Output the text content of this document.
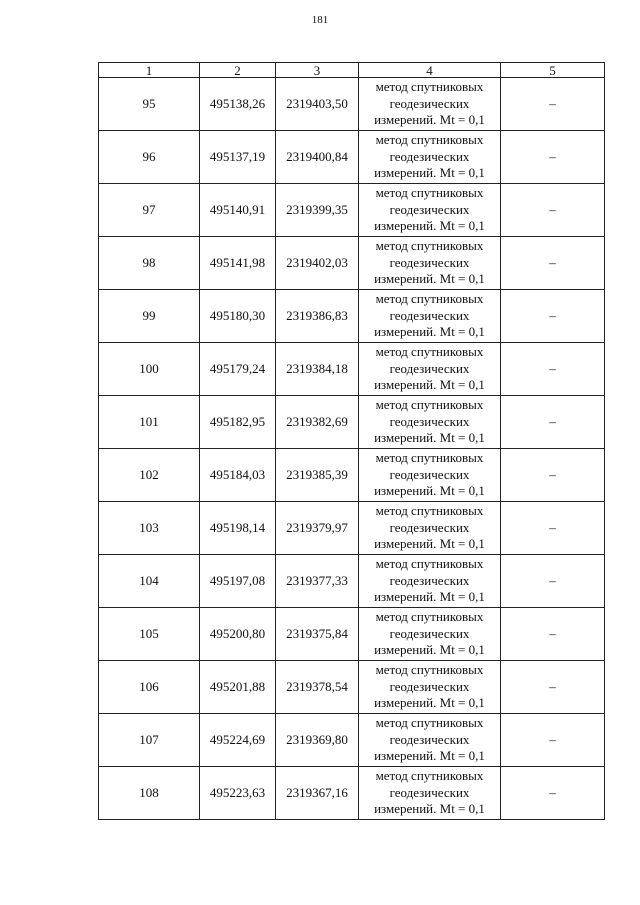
181
1	2	3	4	5
95	495138,26	2319403,50	метод спутниковых геодезических измерений. Mt = 0,1	–
96	495137,19	2319400,84	метод спутниковых геодезических измерений. Mt = 0,1	–
97	495140,91	2319399,35	метод спутниковых геодезических измерений. Mt = 0,1	–
98	495141,98	2319402,03	метод спутниковых геодезических измерений. Mt = 0,1	–
99	495180,30	2319386,83	метод спутниковых геодезических измерений. Mt = 0,1	–
100	495179,24	2319384,18	метод спутниковых геодезических измерений. Mt = 0,1	–
101	495182,95	2319382,69	метод спутниковых геодезических измерений. Mt = 0,1	–
102	495184,03	2319385,39	метод спутниковых геодезических измерений. Mt = 0,1	–
103	495198,14	2319379,97	метод спутниковых геодезических измерений. Mt = 0,1	–
104	495197,08	2319377,33	метод спутниковых геодезических измерений. Mt = 0,1	–
105	495200,80	2319375,84	метод спутниковых геодезических измерений. Mt = 0,1	–
106	495201,88	2319378,54	метод спутниковых геодезических измерений. Mt = 0,1	–
107	495224,69	2319369,80	метод спутниковых геодезических измерений. Mt = 0,1	–
108	495223,63	2319367,16	метод спутниковых геодезических измерений. Mt = 0,1	–
